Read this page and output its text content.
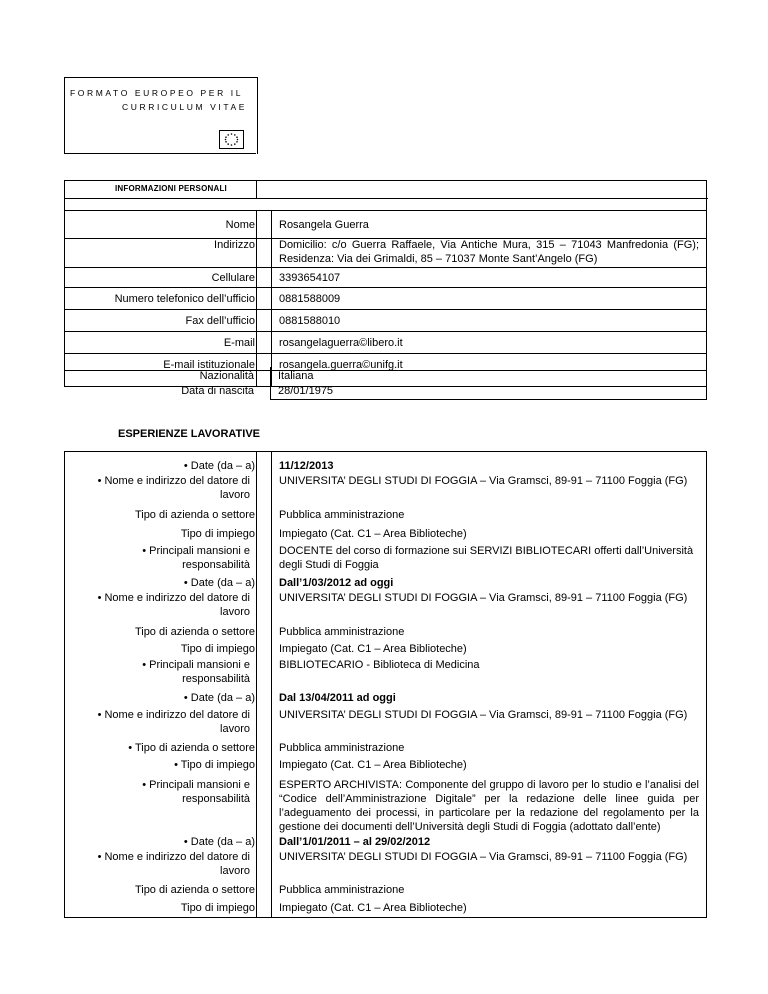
FORMATO EUROPEO PER IL
CURRICULUM VITAE
INFORMAZIONI PERSONALI
Nome Rosangela Guerra
Indirizzo Domicilio: c/o Guerra Raffaele, Via Antiche Mura, 315 – 71043 Manfredonia (FG); Residenza: Via dei Grimaldi, 85 – 71037 Monte Sant’Angelo (FG)
Cellulare 3393654107
Numero telefonico dell’ufficio 0881588009
Fax dell’ufficio 0881588010
E-mail rosangelaguerra©libero.it
E-mail istituzionale rosangela.guerra©unifg.it
Nazionalità Italiana
Data di nascita 28/01/1975
ESPERIENZE LAVORATIVE
• Date (da – a) 11/12/2013
• Nome e indirizzo del datore di lavoro
UNIVERSITA’ DEGLI STUDI DI FOGGIA – Via Gramsci, 89-91 – 71100 Foggia (FG)
Tipo di azienda o settore Pubblica amministrazione
Tipo di impiego Impiegato (Cat. C1 – Area Biblioteche)
• Principali mansioni e responsabilità
DOCENTE del corso di formazione sui SERVIZI BIBLIOTECARI offerti dall’Università degli Studi di Foggia
• Date (da – a) Dall’1/03/2012 ad oggi
• Nome e indirizzo del datore di lavoro
UNIVERSITA’ DEGLI STUDI DI FOGGIA – Via Gramsci, 89-91 – 71100 Foggia (FG)
Tipo di azienda o settore Pubblica amministrazione
Tipo di impiego Impiegato (Cat. C1 – Area Biblioteche)
• Principali mansioni e responsabilità
BIBLIOTECARIO - Biblioteca di Medicina
• Date (da – a) Dal 13/04/2011 ad oggi
• Nome e indirizzo del datore di lavoro
UNIVERSITA’ DEGLI STUDI DI FOGGIA – Via Gramsci, 89-91 – 71100 Foggia (FG)
• Tipo di azienda o settore Pubblica amministrazione
• Tipo di impiego Impiegato (Cat. C1 – Area Biblioteche)
• Principali mansioni e responsabilità
ESPERTO ARCHIVISTA: Componente del gruppo di lavoro per lo studio e l’analisi del “Codice dell’Amministrazione Digitale” per la redazione delle linee guida per l’adeguamento dei processi, in particolare per la redazione del regolamento per la gestione dei documenti dell’Università degli Studi di Foggia (adottato dall’ente)
• Date (da – a) Dall’1/01/2011 – al 29/02/2012
• Nome e indirizzo del datore di lavoro
UNIVERSITA’ DEGLI STUDI DI FOGGIA – Via Gramsci, 89-91 – 71100 Foggia (FG)
Tipo di azienda o settore Pubblica amministrazione
Tipo di impiego Impiegato (Cat. C1 – Area Biblioteche)
